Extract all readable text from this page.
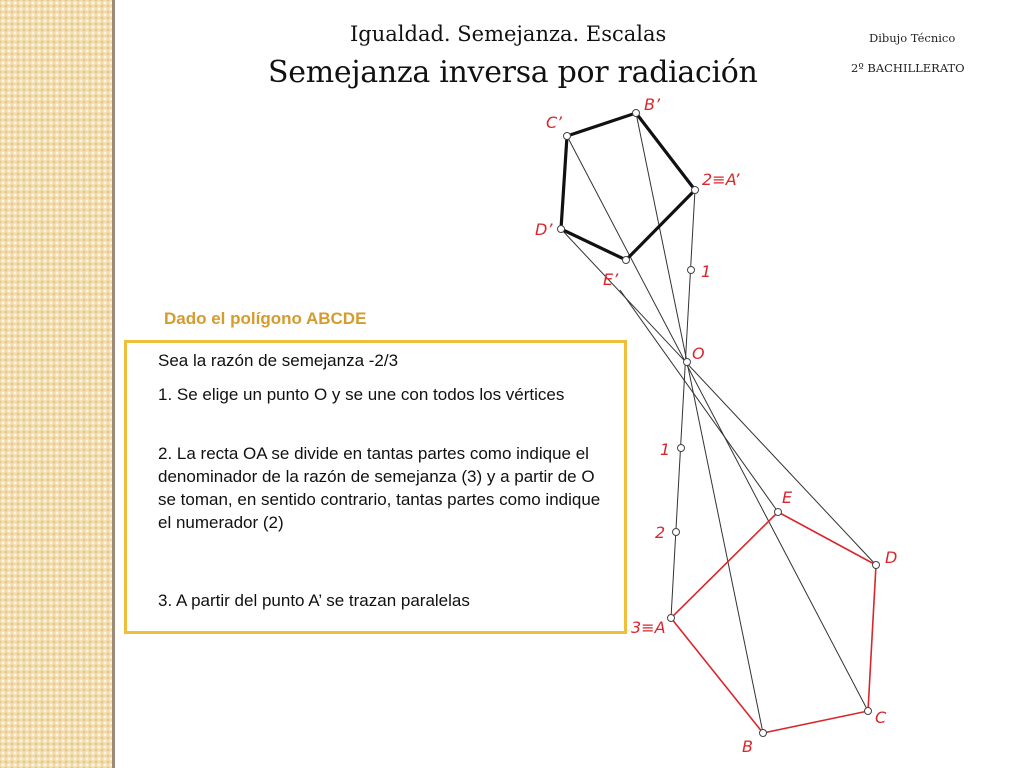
Igualdad. Semejanza. Escalas
Semejanza inversa por radiación
Dibujo Técnico
2º BACHILLERATO
Dado el polígono ABCDE
Sea la razón de semejanza -2/3
1. Se elige un punto O y se une con todos los vértices
2. La recta OA se divide en tantas partes como indique el denominador de la razón de semejanza (3) y a partir de O se toman, en sentido contrario, tantas partes como indique el numerador (2)
3. A partir del punto A’ se trazan paralelas
O
3≡A
B
C
D
E
1
2
2≡A’
B’
C’
D’
E’	1
